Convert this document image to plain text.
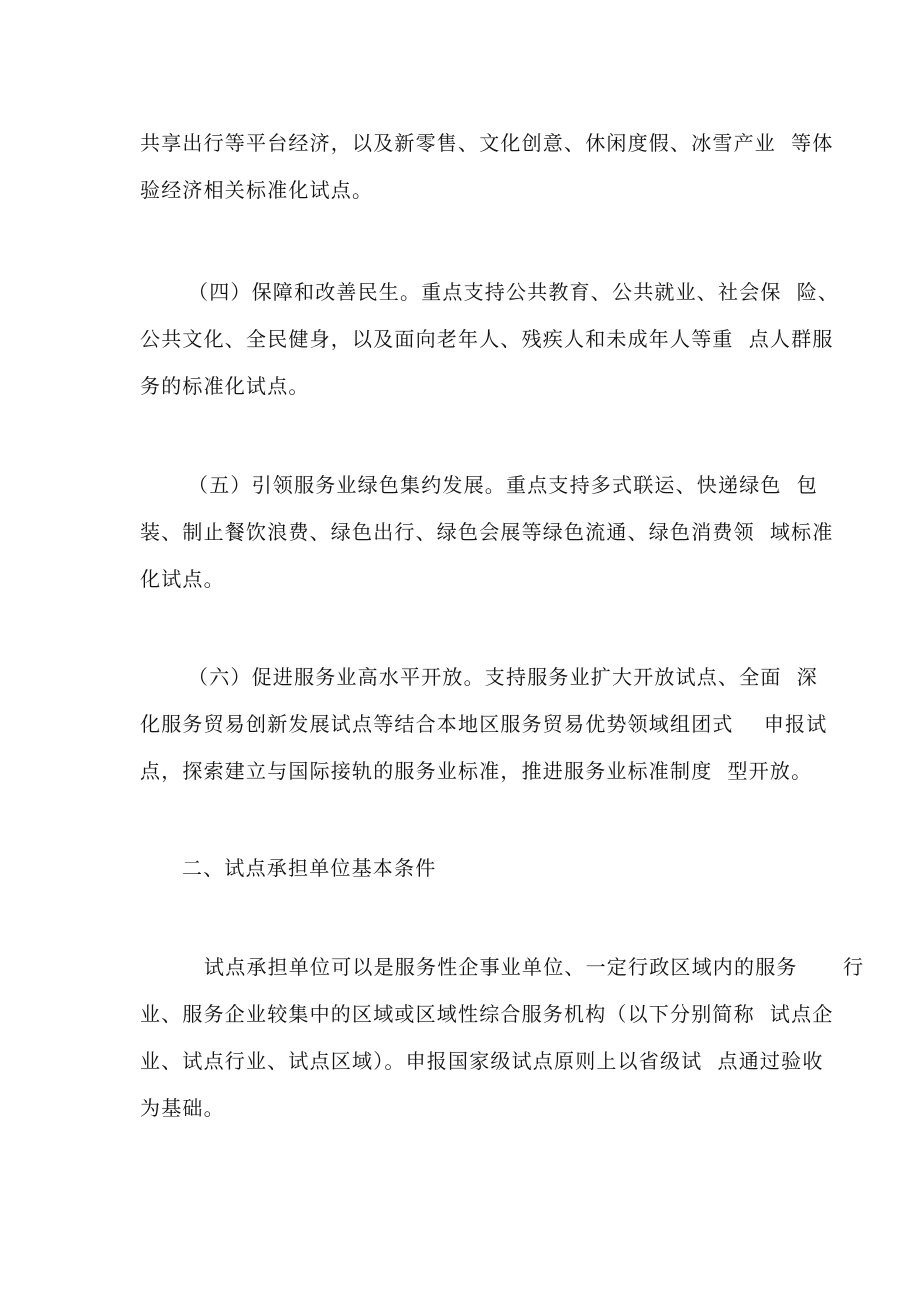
共享出行等平台经济，以及新零售、文化创意、休闲度假、冰雪产业  等体
验经济相关标准化试点。
（四）保障和改善民生。重点支持公共教育、公共就业、社会保  险、
公共文化、全民健身，以及面向老年人、残疾人和未成年人等重  点人群服
务的标准化试点。
（五）引领服务业绿色集约发展。重点支持多式联运、快递绿色  包
装、制止餐饮浪费、绿色出行、绿色会展等绿色流通、绿色消费领  域标准
化试点。
（六）促进服务业高水平开放。支持服务业扩大开放试点、全面  深
化服务贸易创新发展试点等结合本地区服务贸易优势领域组团式    申报试
点，探索建立与国际接轨的服务业标准，推进服务业标准制度  型开放。
二、试点承担单位基本条件
试点承担单位可以是服务性企事业单位、一定行政区域内的服务      行
业、服务企业较集中的区域或区域性综合服务机构（以下分别简称  试点企
业、试点行业、试点区域）。申报国家级试点原则上以省级试  点通过验收
为基础。
